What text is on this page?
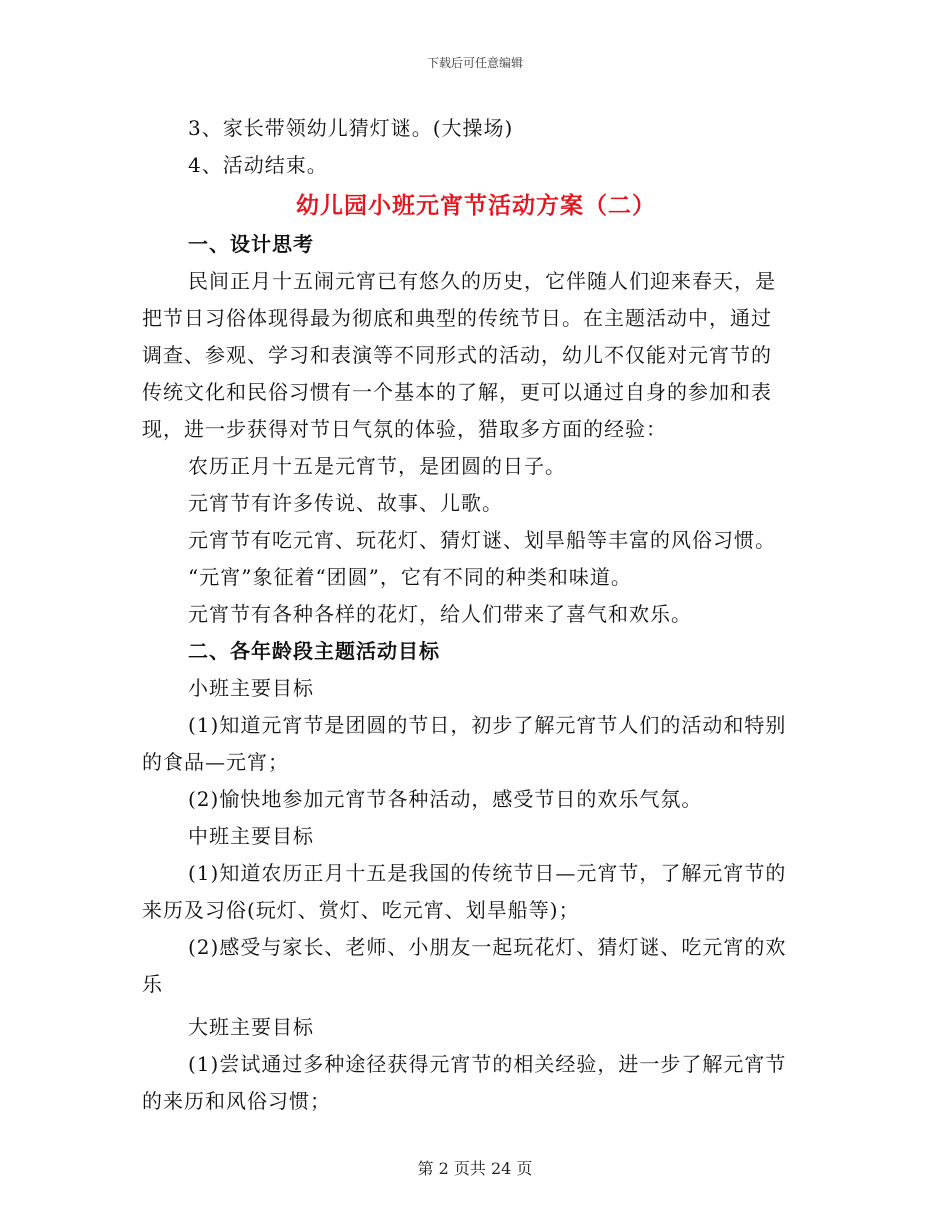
下载后可任意编辑
3、家长带领幼儿猜灯谜。(大操场)
4、活动结束。
幼儿园小班元宵节活动方案（二）
一、设计思考
民间正月十五闹元宵已有悠久的历史，它伴随人们迎来春天，是
把节日习俗体现得最为彻底和典型的传统节日。在主题活动中，通过
调查、参观、学习和表演等不同形式的活动，幼儿不仅能对元宵节的
传统文化和民俗习惯有一个基本的了解，更可以通过自身的参加和表
现，进一步获得对节日气氛的体验，猎取多方面的经验：
农历正月十五是元宵节，是团圆的日子。
元宵节有许多传说、故事、儿歌。
元宵节有吃元宵、玩花灯、猜灯谜、划旱船等丰富的风俗习惯。
“元宵”象征着“团圆”，它有不同的种类和味道。
元宵节有各种各样的花灯，给人们带来了喜气和欢乐。
二、各年龄段主题活动目标
小班主要目标
(1)知道元宵节是团圆的节日，初步了解元宵节人们的活动和特别
的食品—元宵；
(2)愉快地参加元宵节各种活动，感受节日的欢乐气氛。
中班主要目标
(1)知道农历正月十五是我国的传统节日—元宵节，了解元宵节的
来历及习俗(玩灯、赏灯、吃元宵、划旱船等)；
(2)感受与家长、老师、小朋友一起玩花灯、猜灯谜、吃元宵的欢
乐
大班主要目标
(1)尝试通过多种途径获得元宵节的相关经验，进一步了解元宵节
的来历和风俗习惯；
第 2 页共 24 页
